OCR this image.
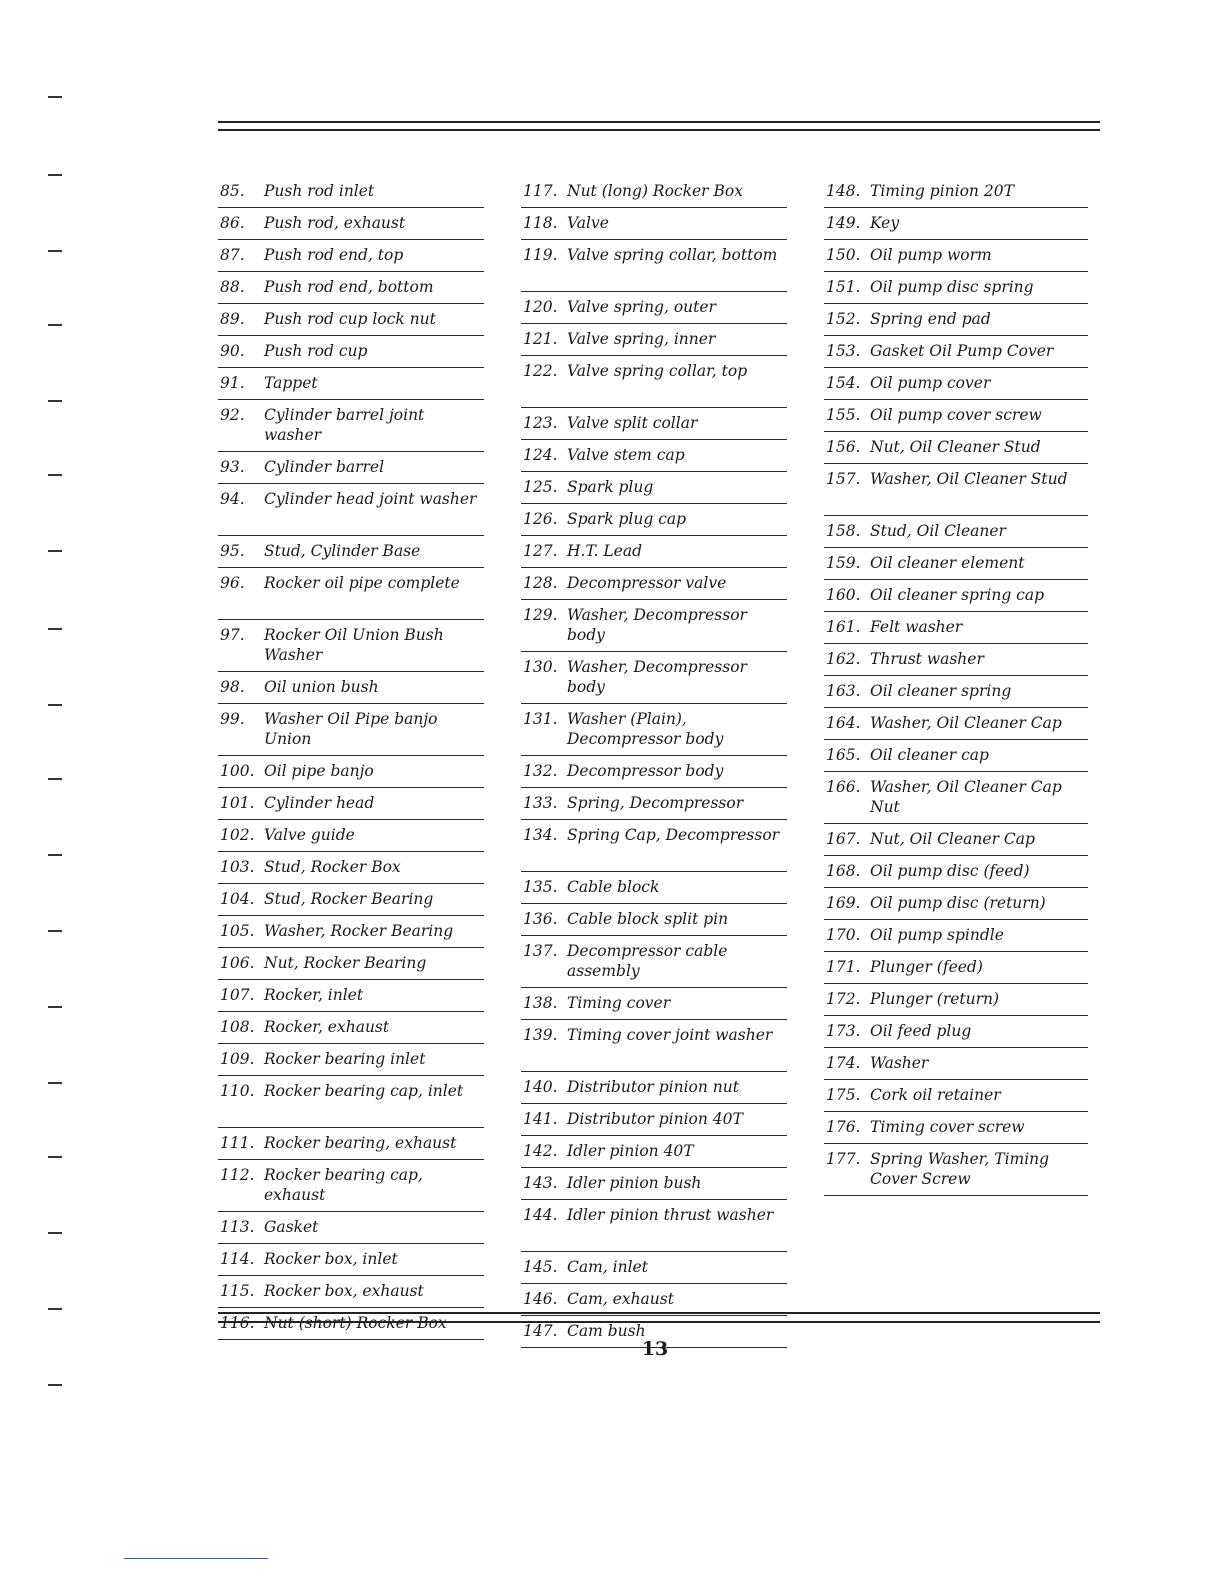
85.	Push rod inlet
86.	Push rod, exhaust
87.	Push rod end, top
88.	Push rod end, bottom
89.	Push rod cup lock nut
90.	Push rod cup
91.	Tappet
92.	Cylinder barrel joint washer
93.	Cylinder barrel
94.	Cylinder head joint washer
95.	Stud, Cylinder Base
96.	Rocker oil pipe complete
97.	Rocker Oil Union Bush Washer
98.	Oil union bush
99.	Washer Oil Pipe banjo Union
100. Oil pipe banjo
101. Cylinder head
102. Valve guide
103. Stud, Rocker Box
104. Stud, Rocker Bearing
105. Washer, Rocker Bearing
106. Nut, Rocker Bearing
107. Rocker, inlet
108. Rocker, exhaust
109. Rocker bearing inlet
110. Rocker bearing cap, inlet
111. Rocker bearing, exhaust
112. Rocker bearing cap, exhaust
113. Gasket
114. Rocker box, inlet
115. Rocker box, exhaust
116. Nut (short) Rocker Box
117. Nut (long) Rocker Box
118. Valve
119. Valve spring collar, bottom
120. Valve spring, outer
121. Valve spring, inner
122. Valve spring collar, top
123. Valve split collar
124. Valve stem cap
125. Spark plug
126. Spark plug cap
127. H.T. Lead
128. Decompressor valve
129. Washer, Decompressor body
130. Washer, Decompressor body
131. Washer (Plain), Decompressor body
132. Decompressor body
133. Spring, Decompressor
134. Spring Cap, Decompressor
135. Cable block
136. Cable block split pin
137. Decompressor cable assembly
138. Timing cover
139. Timing cover joint washer
140. Distributor pinion nut
141. Distributor pinion 40T
142. Idler pinion 40T
143. Idler pinion bush
144. Idler pinion thrust washer
145. Cam, inlet
146. Cam, exhaust
147. Cam bush
148. Timing pinion 20T
149. Key
150. Oil pump worm
151. Oil pump disc spring
152. Spring end pad
153. Gasket Oil Pump Cover
154. Oil pump cover
155. Oil pump cover screw
156. Nut, Oil Cleaner Stud
157. Washer, Oil Cleaner Stud
158. Stud, Oil Cleaner
159. Oil cleaner element
160. Oil cleaner spring cap
161. Felt washer
162. Thrust washer
163. Oil cleaner spring
164. Washer, Oil Cleaner Cap
165. Oil cleaner cap
166. Washer, Oil Cleaner Cap Nut
167. Nut, Oil Cleaner Cap
168. Oil pump disc (feed)
169. Oil pump disc (return)
170. Oil pump spindle
171. Plunger (feed)
172. Plunger (return)
173. Oil feed plug
174. Washer
175. Cork oil retainer
176. Timing cover screw
177. Spring Washer, Timing Cover Screw
13
